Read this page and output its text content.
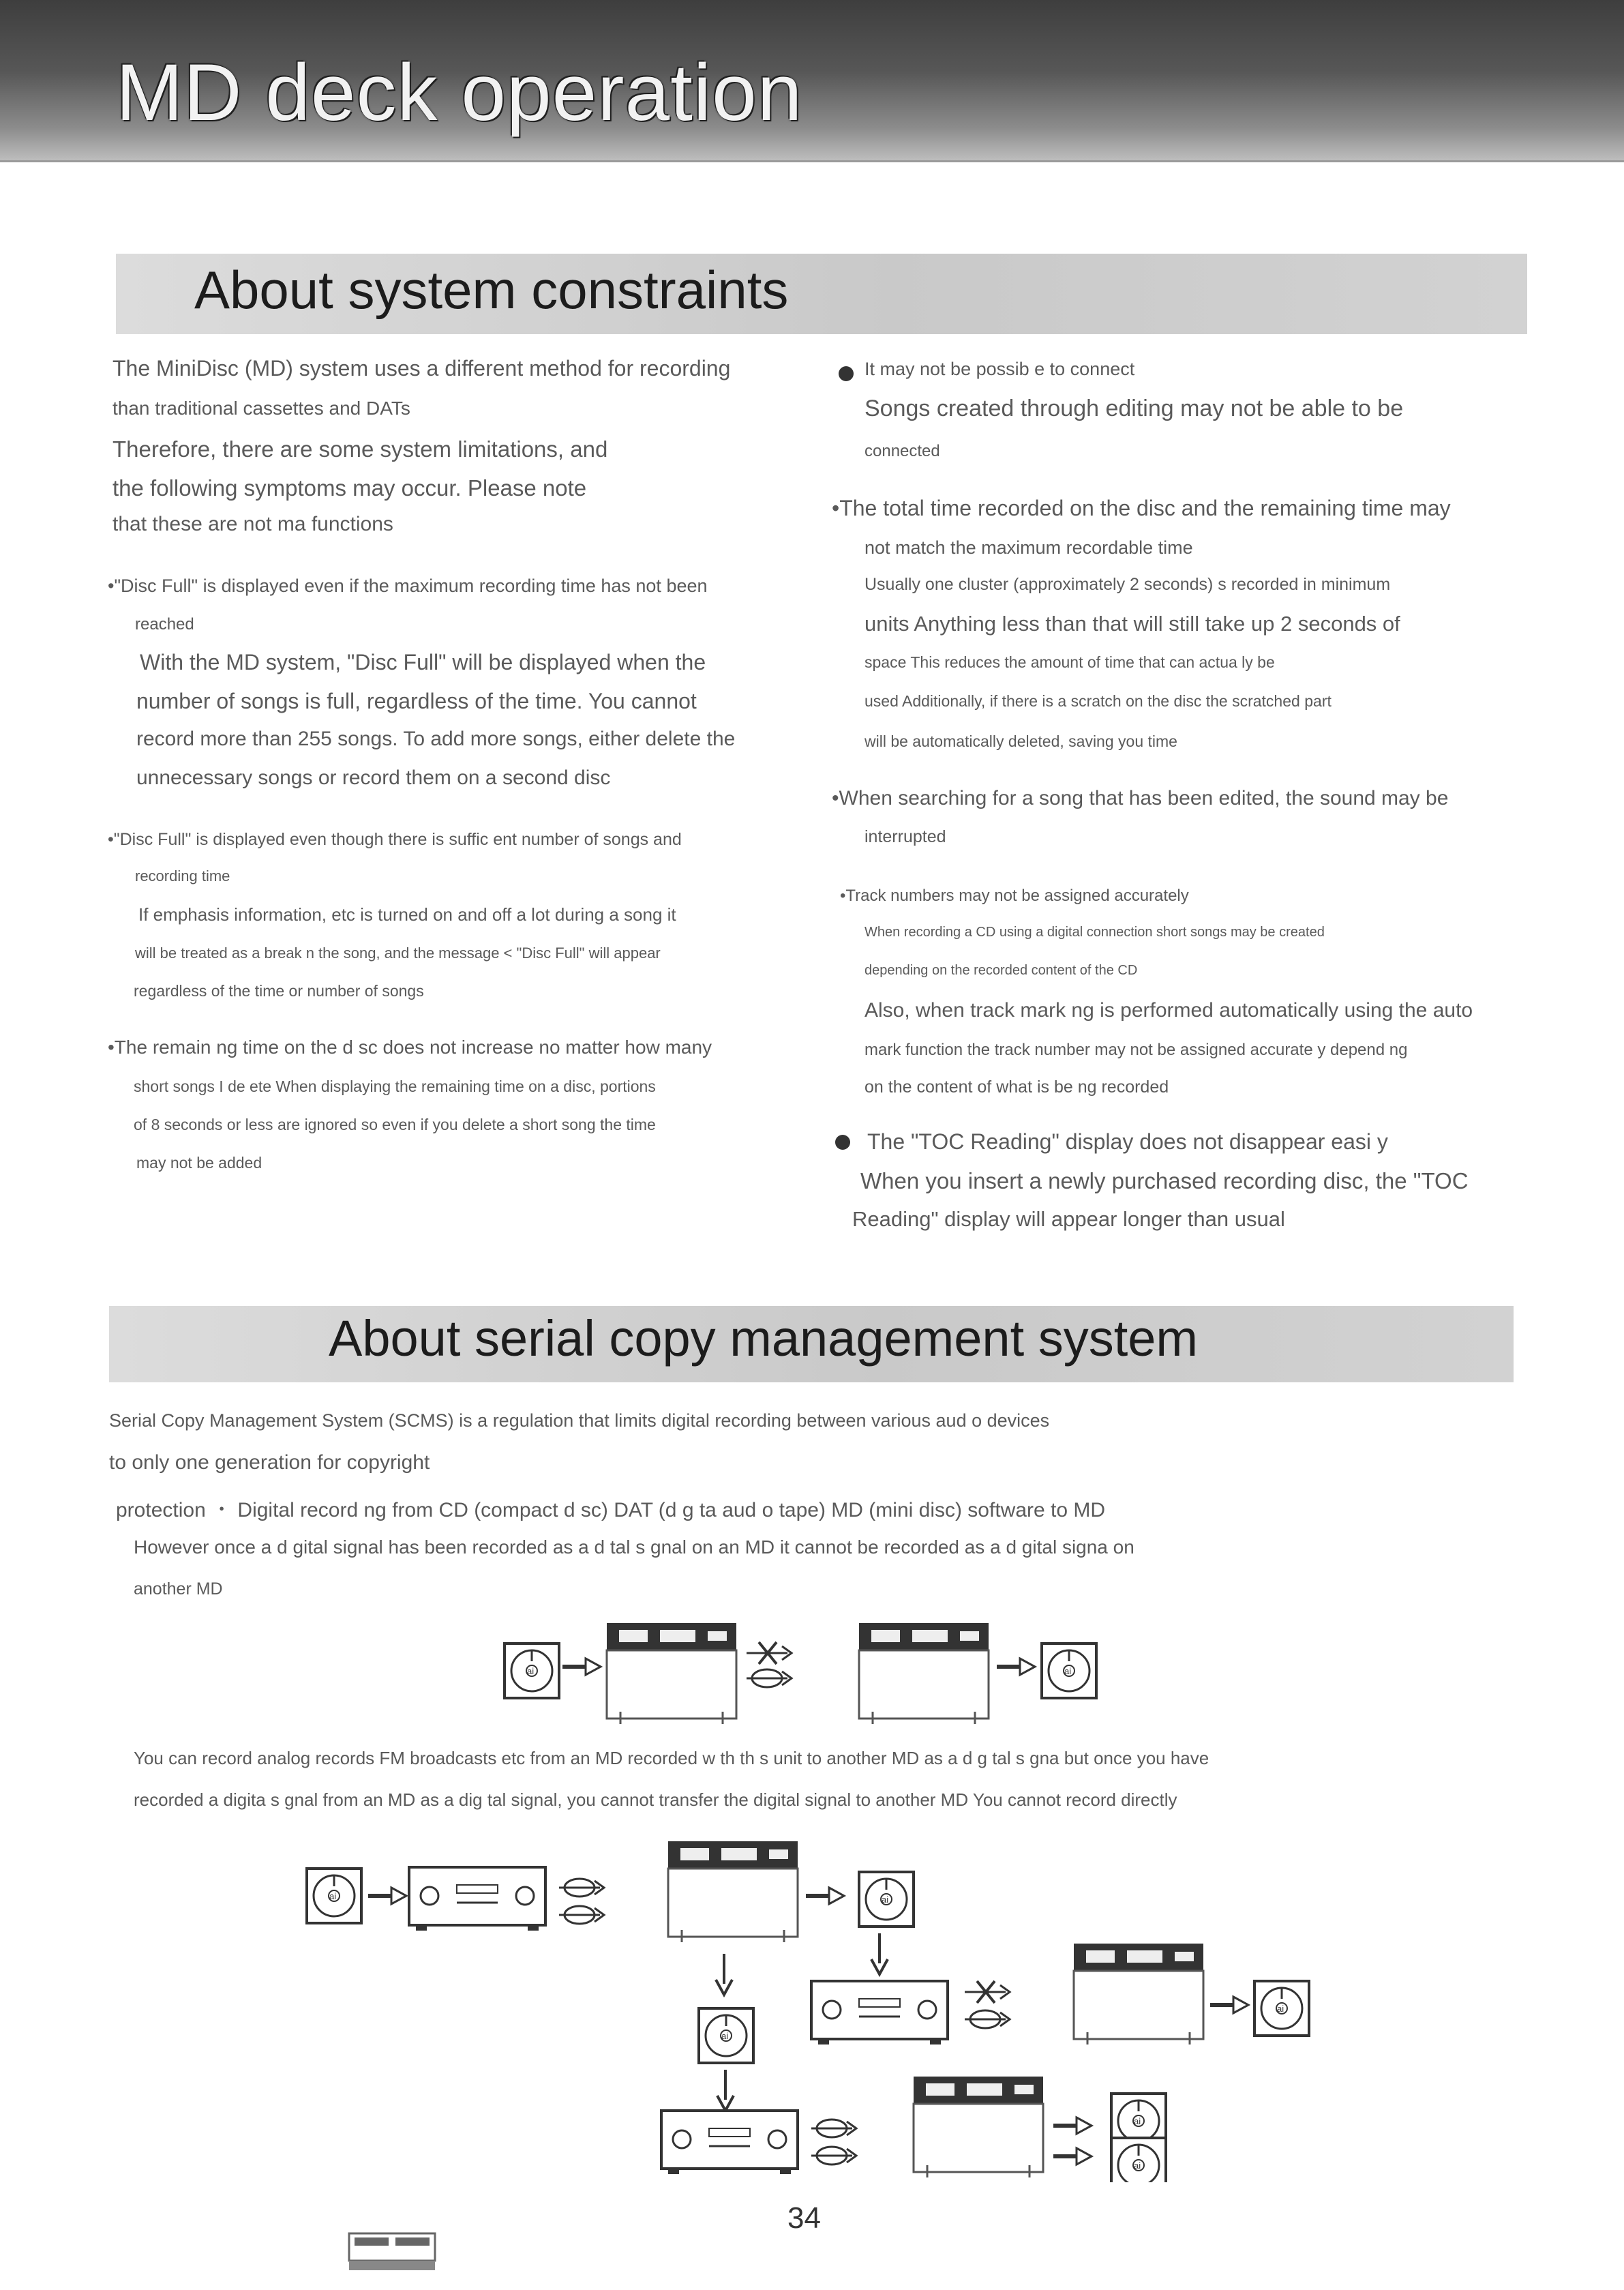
MD deck operation
About system constraints
The MiniDisc (MD) system uses a different method for recording
than traditional cassettes and DATs
Therefore, there are some system limitations, and
the following symptoms may occur. Please note
that these are not ma functions
•"Disc Full" is displayed even if the maximum recording time has not been
reached
With the MD system, "Disc Full" will be displayed when the
number of songs is full, regardless of the time. You cannot
record more than 255 songs. To add more songs, either delete the
unnecessary songs or record them on a second disc
•"Disc Full" is displayed even though there is suffic ent number of songs and
recording time
If emphasis information, etc is turned on and off a lot during a song it
will be treated as a break n the song, and the message < "Disc Full" will appear
regardless of the time or number of songs
•The remain ng time on the d sc does not increase no matter how many
short songs I de ete When displaying the remaining time on a disc, portions
of 8 seconds or less are ignored so even if you delete a short song the time
may not be added
It may not be possib e to connect
Songs created through editing may not be able to be
connected
•The total time recorded on the disc and the remaining time may
not match the maximum recordable time
Usually one cluster (approximately 2 seconds) s recorded in minimum
units Anything less than that will still take up 2 seconds of
space This reduces the amount of time that can actua ly be
used Additionally, if there is a scratch on the disc the scratched part
will be automatically deleted, saving you time
•When searching for a song that has been edited, the sound may be
interrupted
•Track numbers may not be assigned accurately
When recording a CD using a digital connection short songs may be created
depending on the recorded content of the CD
Also, when track mark ng is performed automatically using the auto
mark function the track number may not be assigned accurate y depend ng
on the content of what is be ng recorded
The "TOC Reading" display does not disappear easi y
When you insert a newly purchased recording disc, the "TOC
Reading" display will appear longer than usual
About serial copy management system
Serial Copy Management System (SCMS) is a regulation that limits digital recording between various aud o devices
to only one generation for copyright
protection ・ Digital record ng from CD (compact d sc) DAT (d g ta aud o tape) MD (mini disc) software to MD
However once a d gital signal has been recorded as a d tal s gnal on an MD it cannot be recorded as a d gital signa on
another MD
You can record analog records FM broadcasts etc from an MD recorded w th th s unit to another MD as a d g tal s gna but once you have
recorded a digita s gnal from an MD as a dig tal signal, you cannot transfer the digital signal to another MD You cannot record directly
34
